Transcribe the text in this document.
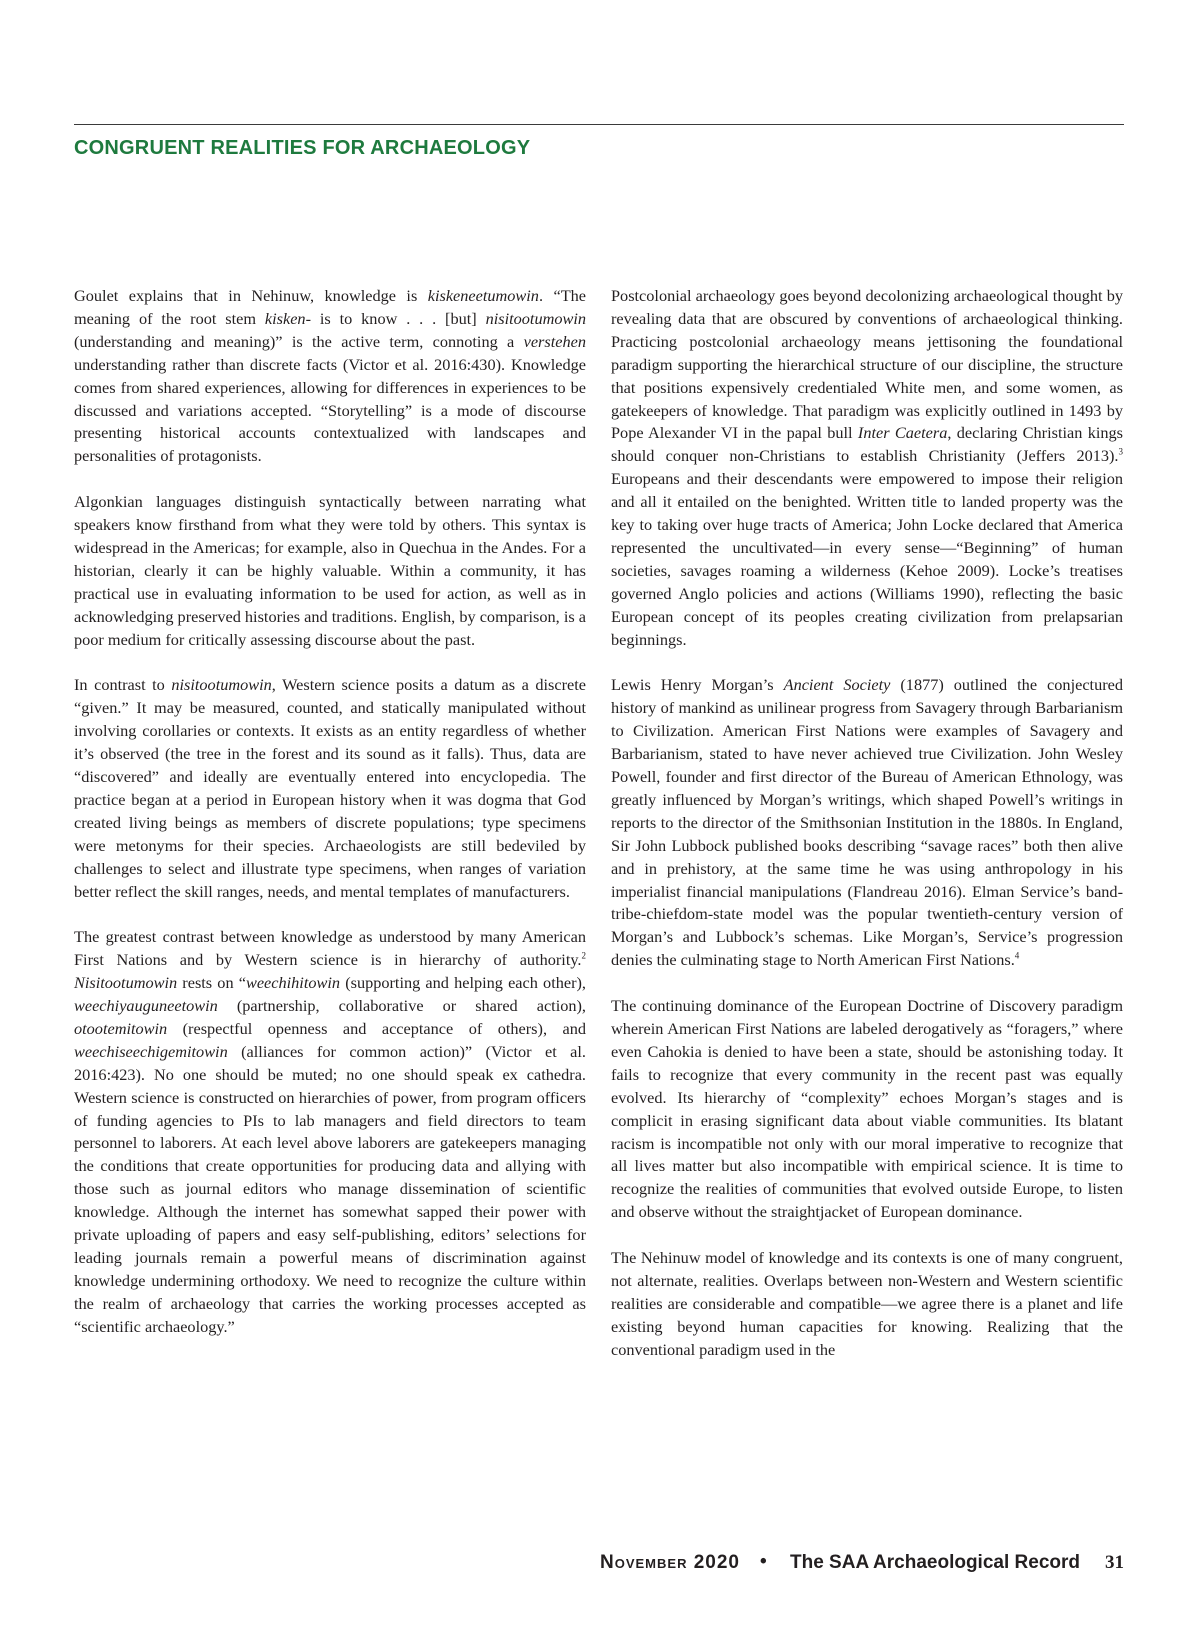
CONGRUENT REALITIES FOR ARCHAEOLOGY

Goulet explains that in Nehinuw, knowledge is kiskeneetumowin. “The meaning of the root stem kisken- is to know . . . [but] nisitootumowin (understanding and meaning)” is the active term, connoting a verstehen understanding rather than discrete facts (Victor et al. 2016:430). Knowledge comes from shared experiences, allowing for differences in experiences to be discussed and variations accepted. “Storytelling” is a mode of discourse presenting historical accounts contextualized with landscapes and personalities of protagonists.

Algonkian languages distinguish syntactically between narrating what speakers know firsthand from what they were told by others. This syntax is widespread in the Americas; for example, also in Quechua in the Andes. For a historian, clearly it can be highly valuable. Within a community, it has practical use in evaluating information to be used for action, as well as in acknowledging preserved histories and traditions. English, by comparison, is a poor medium for critically assessing discourse about the past.

In contrast to nisitootumowin, Western science posits a datum as a discrete “given.” It may be measured, counted, and statically manipulated without involving corollaries or contexts. It exists as an entity regardless of whether it’s observed (the tree in the forest and its sound as it falls). Thus, data are “discovered” and ideally are eventually entered into encyclopedia. The practice began at a period in European history when it was dogma that God created living beings as members of discrete populations; type specimens were metonyms for their species. Archaeologists are still bedeviled by challenges to select and illustrate type specimens, when ranges of variation better reflect the skill ranges, needs, and mental templates of manufacturers.

The greatest contrast between knowledge as understood by many American First Nations and by Western science is in hierarchy of authority.$^2$ Nisitootumowin rests on “weechihitowin (supporting and helping each other), weechiyauguneetowin (partnership, collaborative or shared action), otootemitowin (respectful openness and acceptance of others), and weechiseechigemitowin (alliances for common action)” (Victor et al. 2016:423). No one should be muted; no one should speak ex cathedra. Western science is constructed on hierarchies of power, from program officers of funding agencies to PIs to lab managers and field directors to team personnel to laborers. At each level above laborers are gatekeepers managing the conditions that create opportunities for producing data and allying with those such as journal editors who manage dissemination of scientific knowledge. Although the internet has somewhat sapped their power with private uploading of papers and easy self-publishing, editors’ selections for leading journals remain a powerful means of discrimination against knowledge undermining orthodoxy. We need to recognize the culture within the realm of archaeology that carries the working processes accepted as “scientific archaeology.”

Postcolonial archaeology goes beyond decolonizing archaeological thought by revealing data that are obscured by conventions of archaeological thinking. Practicing postcolonial archaeology means jettisoning the foundational paradigm supporting the hierarchical structure of our discipline, the structure that positions expensively credentialed White men, and some women, as gatekeepers of knowledge. That paradigm was explicitly outlined in 1493 by Pope Alexander VI in the papal bull Inter Caetera, declaring Christian kings should conquer non-Christians to establish Christianity (Jeffers 2013).$^3$ Europeans and their descendants were empowered to impose their religion and all it entailed on the benighted. Written title to landed property was the key to taking over huge tracts of America; John Locke declared that America represented the uncultivated—in every sense—“Beginning” of human societies, savages roaming a wilderness (Kehoe 2009). Locke’s treatises governed Anglo policies and actions (Williams 1990), reflecting the basic European concept of its peoples creating civilization from prelapsarian beginnings.

Lewis Henry Morgan’s Ancient Society (1877) outlined the conjectured history of mankind as unilinear progress from Savagery through Barbarianism to Civilization. American First Nations were examples of Savagery and Barbarianism, stated to have never achieved true Civilization. John Wesley Powell, founder and first director of the Bureau of American Ethnology, was greatly influenced by Morgan’s writings, which shaped Powell’s writings in reports to the director of the Smithsonian Institution in the 1880s. In England, Sir John Lubbock published books describing “savage races” both then alive and in prehistory, at the same time he was using anthropology in his imperialist financial manipulations (Flandreau 2016). Elman Service’s band-tribe-chiefdom-state model was the popular twentieth-century version of Morgan’s and Lubbock’s schemas. Like Morgan’s, Service’s progression denies the culminating stage to North American First Nations.$^4$

The continuing dominance of the European Doctrine of Discovery paradigm wherein American First Nations are labeled derogatively as “foragers,” where even Cahokia is denied to have been a state, should be astonishing today. It fails to recognize that every community in the recent past was equally evolved. Its hierarchy of “complexity” echoes Morgan’s stages and is complicit in erasing significant data about viable communities. Its blatant racism is incompatible not only with our moral imperative to recognize that all lives matter but also incompatible with empirical science. It is time to recognize the realities of communities that evolved outside Europe, to listen and observe without the straightjacket of European dominance.

The Nehinuw model of knowledge and its contexts is one of many congruent, not alternate, realities. Overlaps between non-Western and Western scientific realities are considerable and compatible—we agree there is a planet and life existing beyond human capacities for knowing. Realizing that the conventional paradigm used in the

November 2020 • The SAA Archaeological Record 31
